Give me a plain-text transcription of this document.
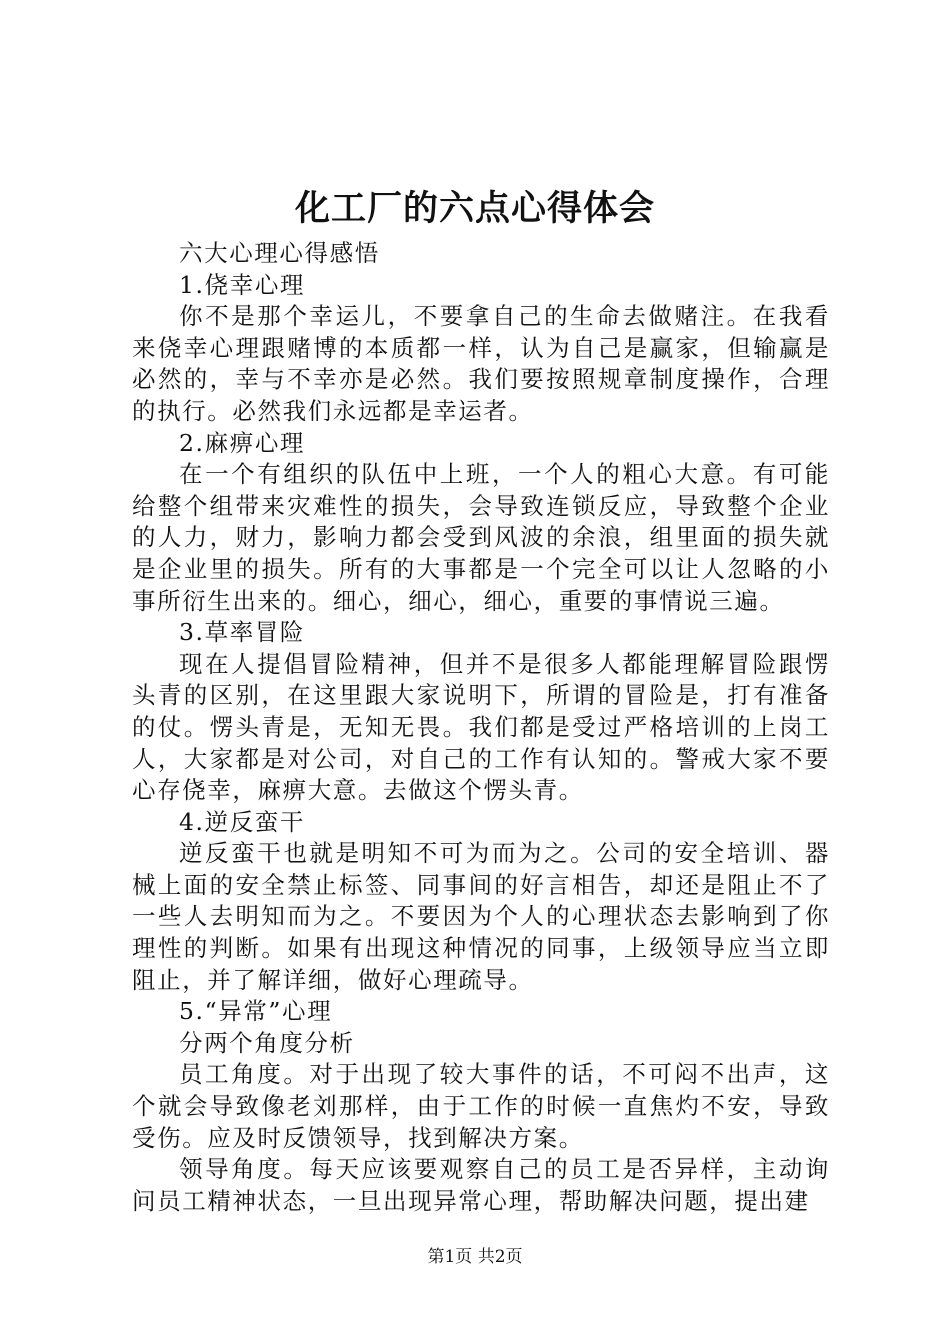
化工厂的六点心得体会

六大心理心得感悟

1.侥幸心理

你不是那个幸运儿，不要拿自己的生命去做赌注。在我看来侥幸心理跟赌博的本质都一样，认为自己是赢家，但输赢是必然的，幸与不幸亦是必然。我们要按照规章制度操作，合理的执行。必然我们永远都是幸运者。

2.麻痹心理

在一个有组织的队伍中上班，一个人的粗心大意。有可能给整个组带来灾难性的损失，会导致连锁反应，导致整个企业的人力，财力，影响力都会受到风波的余浪，组里面的损失就是企业里的损失。所有的大事都是一个完全可以让人忽略的小事所衍生出来的。细心，细心，细心，重要的事情说三遍。

3.草率冒险

现在人提倡冒险精神，但并不是很多人都能理解冒险跟愣头青的区别，在这里跟大家说明下，所谓的冒险是，打有准备的仗。愣头青是，无知无畏。我们都是受过严格培训的上岗工人，大家都是对公司，对自己的工作有认知的。警戒大家不要心存侥幸，麻痹大意。去做这个愣头青。

4.逆反蛮干

逆反蛮干也就是明知不可为而为之。公司的安全培训、器械上面的安全禁止标签、同事间的好言相告，却还是阻止不了一些人去明知而为之。不要因为个人的心理状态去影响到了你理性的判断。如果有出现这种情况的同事，上级领导应当立即阻止，并了解详细，做好心理疏导。

5.“异常”心理

分两个角度分析

员工角度。对于出现了较大事件的话，不可闷不出声，这个就会导致像老刘那样，由于工作的时候一直焦灼不安，导致受伤。应及时反馈领导，找到解决方案。

领导角度。每天应该要观察自己的员工是否异样，主动询问员工精神状态，一旦出现异常心理，帮助解决问题，提出建

第1页 共2页
